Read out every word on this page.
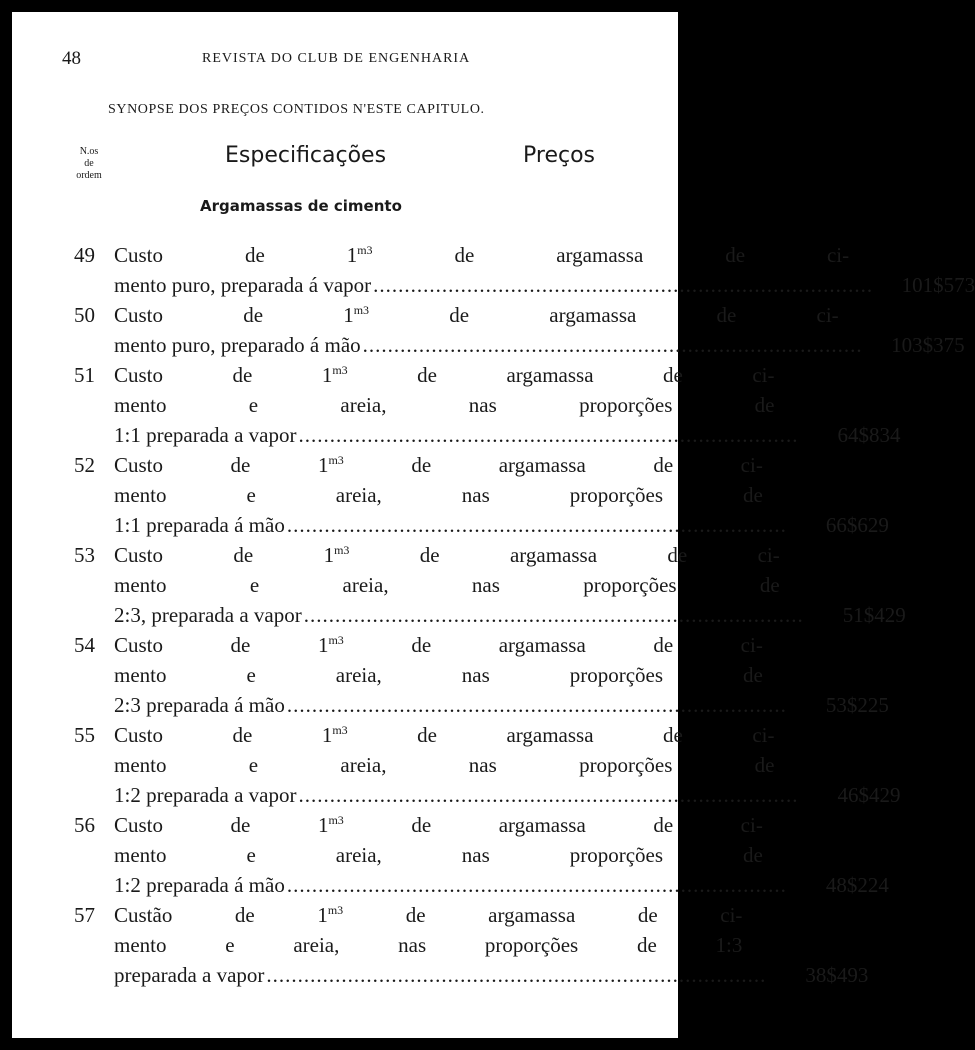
48	REVISTA DO CLUB DE ENGENHARIA
SYNOPSE DOS PREÇOS CONTIDOS N'ESTE CAPITULO.
N.os
de
ordem
Especificações	Preços
Argamassas de cimento
49 Custo de $1^{m3}$ de argamassa de ci-
mento puro, preparada á vapor ................................................................................	101$573
50 Custo de $1^{m3}$ de argamassa de ci-
mento puro, preparado á mão ................................................................................	103$375
51 Custo de $1^{m3}$ de argamassa de ci-
mento e areia, nas proporções de
1:1 preparada a vapor ................................................................................	64$834
52 Custo de $1^{m3}$ de argamassa de ci-
mento e areia, nas proporções de
1:1 preparada á mão ................................................................................	66$629
53 Custo de $1^{m3}$ de argamassa de ci-
mento e areia, nas proporções de
2:3, preparada a vapor ................................................................................	51$429
54 Custo de $1^{m3}$ de argamassa de ci-
mento e areia, nas proporções de
2:3 preparada á mão ................................................................................	53$225
55 Custo de $1^{m3}$ de argamassa de ci-
mento e areia, nas proporções de
1:2 preparada a vapor ................................................................................	46$429
56 Custo de $1^{m3}$ de argamassa de ci-
mento e areia, nas proporções de
1:2 preparada á mão ................................................................................	48$224
57 Custão de $1^{m3}$ de argamassa de ci-
mento e areia, nas proporções de 1:3
preparada a vapor ................................................................................	38$493
